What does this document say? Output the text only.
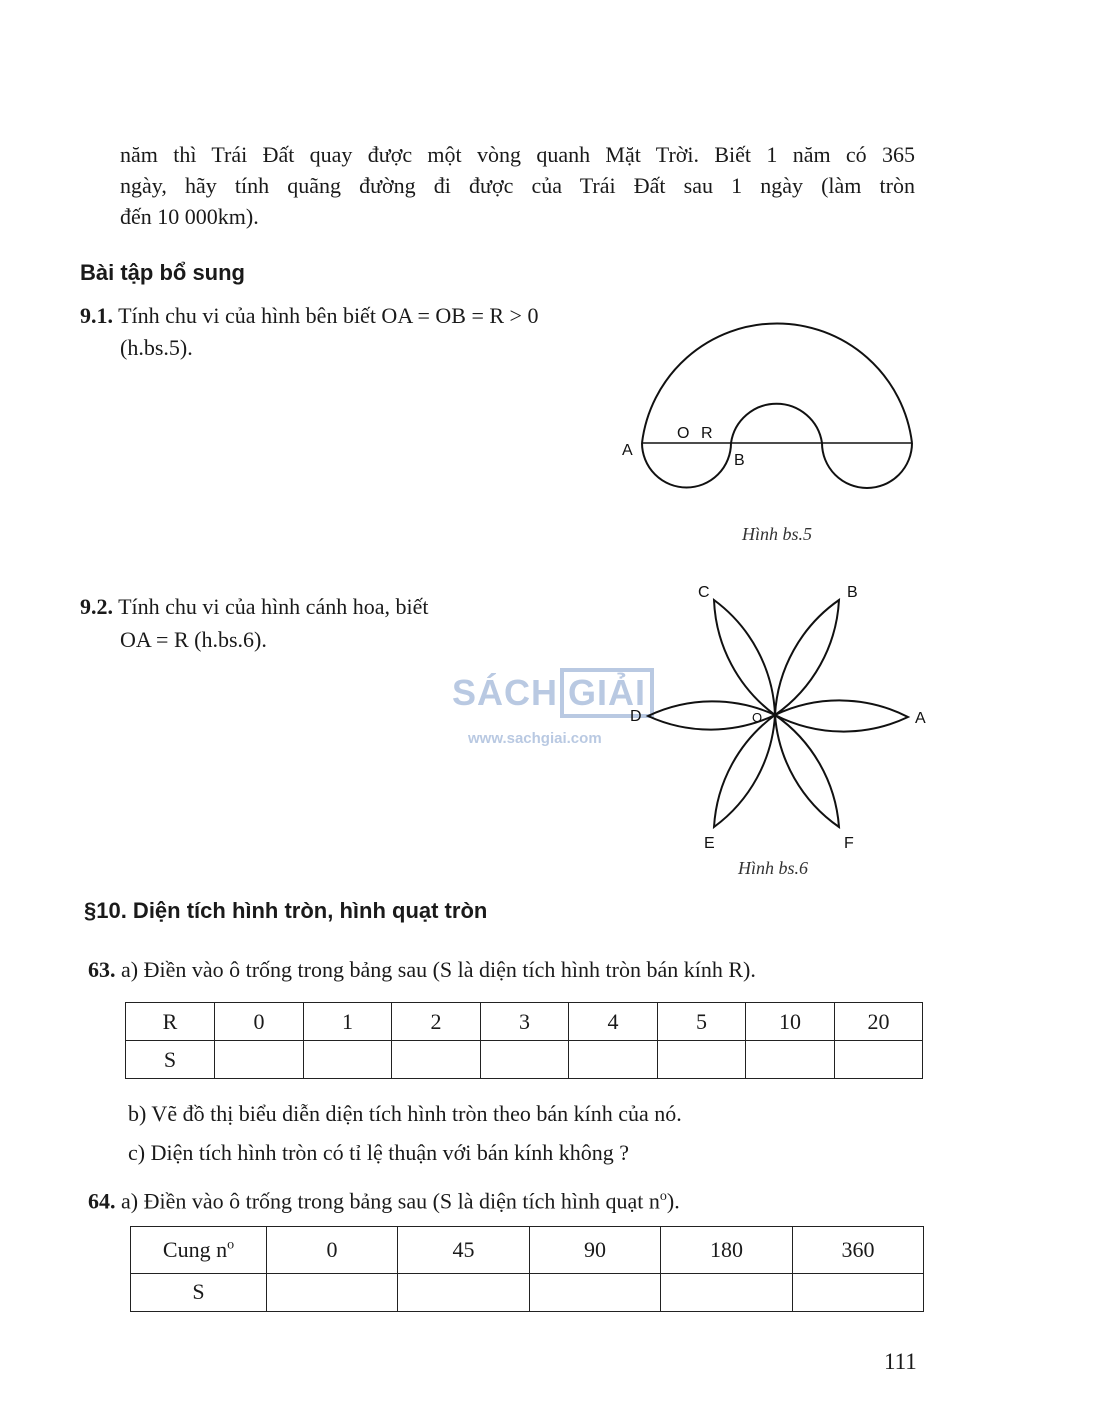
năm thì Trái Đất quay được một vòng quanh Mặt Trời. Biết 1 năm có 365
ngày, hãy tính quãng đường đi được của Trái Đất sau 1 ngày (làm tròn
đến 10 000km).
Bài tập bổ sung
9.1. Tính chu vi của hình bên biết OA = OB = R > 0
(h.bs.5).
A
O R
B
Hình bs.5
9.2. Tính chu vi của hình cánh hoa, biết
OA = R (h.bs.6).
SÁCH GIẢI
www.sachgiai.com
A
B
C
D
E	F
O
Hình bs.6
§10. Diện tích hình tròn, hình quạt tròn
63. a) Điền vào ô trống trong bảng sau (S là diện tích hình tròn bán kính R).
R	0	1	2	3	4	5	10	20
S								
b) Vẽ đồ thị biểu diễn diện tích hình tròn theo bán kính của nó.
c) Diện tích hình tròn có tỉ lệ thuận với bán kính không ?
64. a) Điền vào ô trống trong bảng sau (S là diện tích hình quạt $n^o$).
Cung $n^o$	0	45	90	180	360
S					
111
